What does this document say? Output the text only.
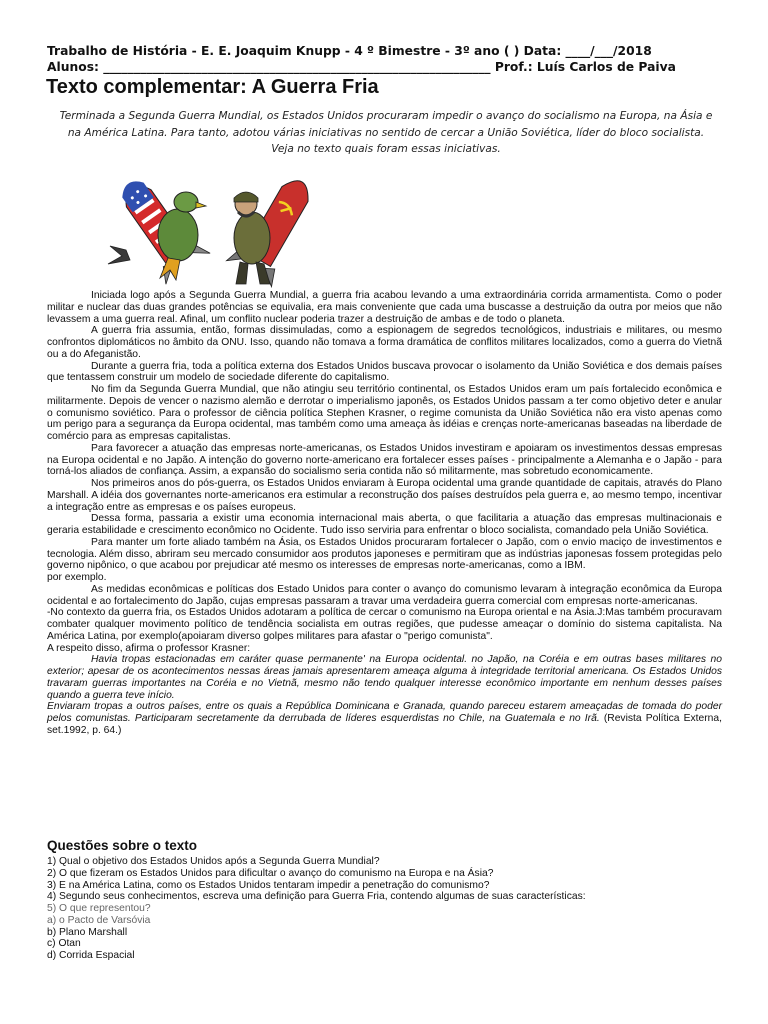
Trabalho de História - E. E. Joaquim Knupp - 4 º Bimestre - 3º ano ( ) Data: ____/___/2018
Alunos: _______________________________________________________________ Prof.: Luís Carlos de Paiva
Texto complementar: A Guerra Fria
Terminada a Segunda Guerra Mundial, os Estados Unidos procuraram impedir o avanço do socialismo na Europa, na Ásia e na América Latina. Para tanto, adotou várias iniciativas no sentido de cercar a União Soviética, líder do bloco socialista. Veja no texto quais foram essas iniciativas.

Iniciada logo após a Segunda Guerra Mundial, a guerra fria acabou levando a uma extraordinária corrida armamentista. Como o poder militar e nuclear das duas grandes potências se equivalia, era mais conveniente que cada uma buscasse a destruição da outra por meios que não levassem a uma guerra real. Afinal, um conflito nuclear poderia trazer a destruição de ambas e de todo o planeta.

A guerra fria assumia, então, formas dissimuladas, como a espionagem de segredos tecnológicos, industriais e militares, ou mesmo confrontos diplomáticos no âmbito da ONU. Isso, quando não tomava a forma dramática de conflitos militares localizados, como a guerra do Vietnã ou a do Afeganistão.

Durante a guerra fria, toda a política externa dos Estados Unidos buscava provocar o isolamento da União Soviética e dos demais países que tentassem construir um modelo de sociedade diferente do capitalismo.

No fim da Segunda Guerra Mundial, que não atingiu seu território continental, os Estados Unidos eram um país fortalecido econômica e militarmente. Depois de vencer o nazismo alemão e derrotar o imperialismo japonês, os Estados Unidos passam a ter como objetivo deter e anular o comunismo soviético. Para o professor de ciência política Stephen Krasner, o regime comunista da União Soviética não era visto apenas como um perigo para a segurança da Europa ocidental, mas também como uma ameaça às idéias e crenças norte-americanas baseadas na liberdade de comércio para as empresas capitalistas.

Para favorecer a atuação das empresas norte-americanas, os Estados Unidos investiram e apoiaram os investimentos dessas empresas na Europa ocidental e no Japão. A intenção do governo norte-americano era fortalecer esses países - principalmente a Alemanha e o Japão - para torná-los aliados de confiança. Assim, a expansão do socialismo seria contida não só militarmente, mas sobretudo economicamente.

Nos primeiros anos do pós-guerra, os Estados Unidos enviaram à Europa ocidental uma grande quantidade de capitais, através do Plano Marshall. A idéia dos governantes norte-americanos era estimular a reconstrução dos países destruídos pela guerra e, ao mesmo tempo, incentivar a integração entre as empresas e os países europeus.

Dessa forma, passaria a existir uma economia internacional mais aberta, o que facilitaria a atuação das empresas multinacionais e geraria estabilidade e crescimento econômico no Ocidente. Tudo isso serviria para enfrentar o bloco socialista, comandado pela União Soviética.

Para manter um forte aliado também na Ásia, os Estados Unidos procuraram fortalecer o Japão, com o envio maciço de investimentos e tecnologia. Além disso, abriram seu mercado consumidor aos produtos japoneses e permitiram que as indústrias japonesas fossem protegidas pelo governo nipônico, o que acabou por prejudicar até mesmo os interesses de empresas norte-americanas, como a IBM.

por exemplo.

As medidas econômicas e políticas dos Estado Unidos para conter o avanço do comunismo levaram à integração econômica da Europa ocidental e ao fortalecimento do Japão, cujas empresas passaram a travar uma verdadeira guerra comercial com empresas norte-americanas.

-No contexto da guerra fria, os Estados Unidos adotaram a política de cercar o comunismo na Europa oriental e na Ásia.J:Mas também procuravam combater qualquer movimento político de tendência socialista em outras regiões, que pudesse ameaçar o domínio do sistema capitalista. Na América Latina, por exemplo(apoiaram diverso golpes militares para afastar o "perigo comunista".

A respeito disso, afirma o professor Krasner:

Havia tropas estacionadas em caráter quase permanente' na Europa ocidental. no Japão, na Coréia e em outras bases militares no exterior; apesar de os acontecimentos nessas áreas jamais apresentarem ameaça alguma à integridade territorial americana. Os Estados Unidos travaram guerras importantes na Coréia e no Vietnã, mesmo não tendo qualquer interesse econômico importante em nenhum desses países quando a guerra teve início.

Enviaram tropas a outros países, entre os quais a República Dominicana e Granada, quando pareceu estarem ameaçadas de tomada do poder pelos comunistas. Participaram secretamente da derrubada de líderes esquerdistas no Chile, na Guatemala e no Irã. (Revista Política Externa, set.1992, p. 64.)

Questões sobre o texto
1) Qual o objetivo dos Estados Unidos após a Segunda Guerra Mundial?
2) O que fizeram os Estados Unidos para dificultar o avanço do comunismo na Europa e na Ásia?
3) E na América Latina, como os Estados Unidos tentaram impedir a penetração do comunismo?
4) Segundo seus conhecimentos, escreva uma definição para Guerra Fria, contendo algumas de suas características:
5) O que representou?
a) o Pacto de Varsóvia
b) Plano Marshall
c) Otan
d) Corrida Espacial
